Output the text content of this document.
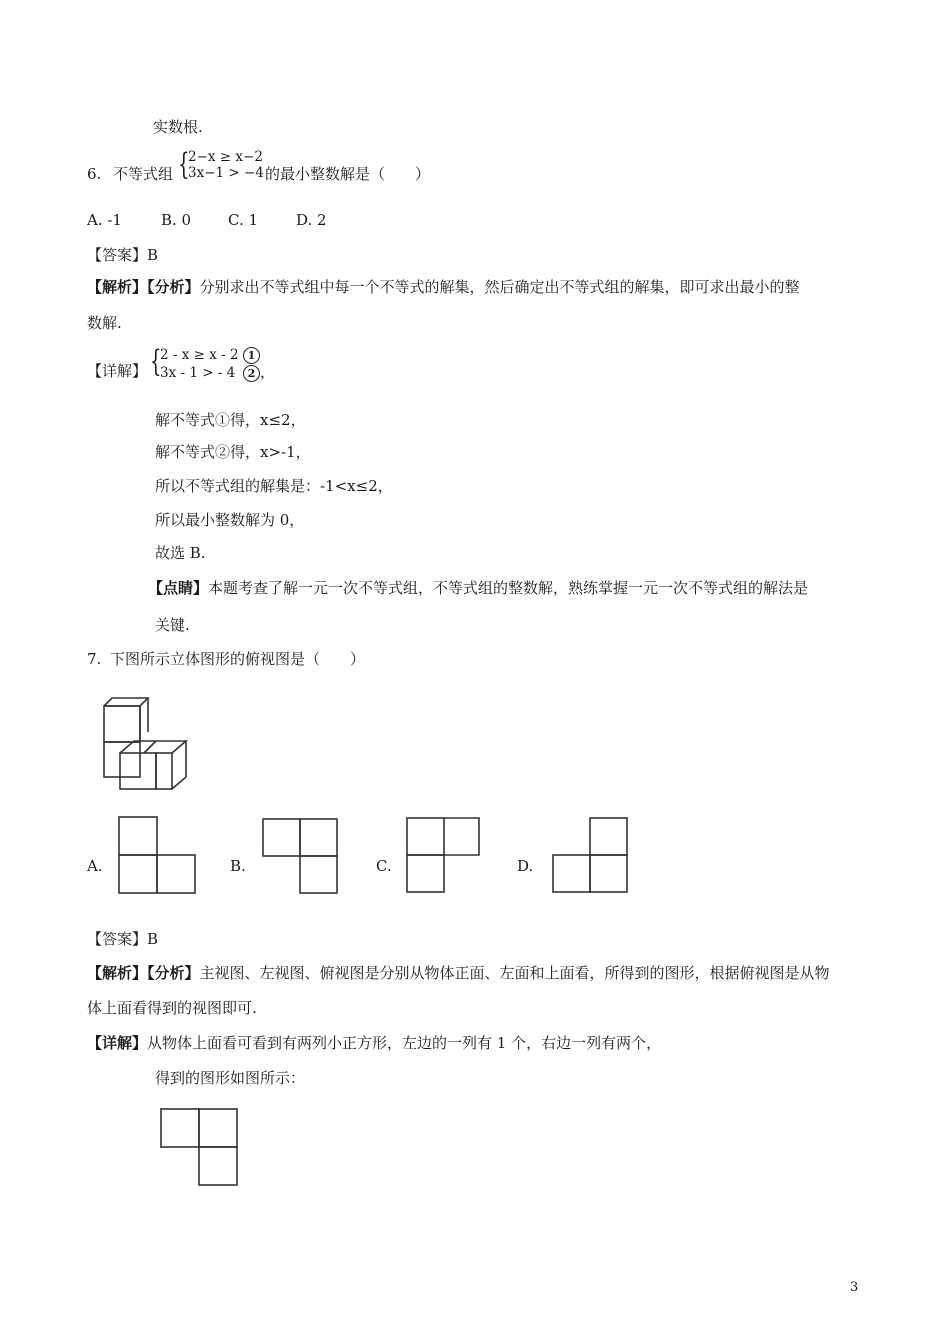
实数根.
6. 不等式组 {
2−x ≥ x−2
3x−1 > −4 的最小整数解是（　　）
A. -1	B. 0 C. 1	D. 2
【答案】B
【解析】【分析】分别求出不等式组中每一个不等式的解集，然后确定出不等式组的解集，即可求出最小的整
数解.
【详解】 {
2 - x ≥ x - 2
3x - 1 > - 4
1
2 ，
解不等式①得，x≤2，
解不等式②得，x>-1，
所以不等式组的解集是：-1<x≤2，
所以最小整数解为 0，
故选 B.
【点睛】本题考查了解一元一次不等式组，不等式组的整数解，熟练掌握一元一次不等式组的解法是
关键.
7. 下图所示立体图形的俯视图是（　　）
A.	B.	C.	D.
【答案】B
【解析】【分析】主视图、左视图、俯视图是分别从物体正面、左面和上面看，所得到的图形，根据俯视图是从物
体上面看得到的视图即可.
【详解】从物体上面看可看到有两列小正方形，左边的一列有 1 个，右边一列有两个，
得到的图形如图所示：
3
